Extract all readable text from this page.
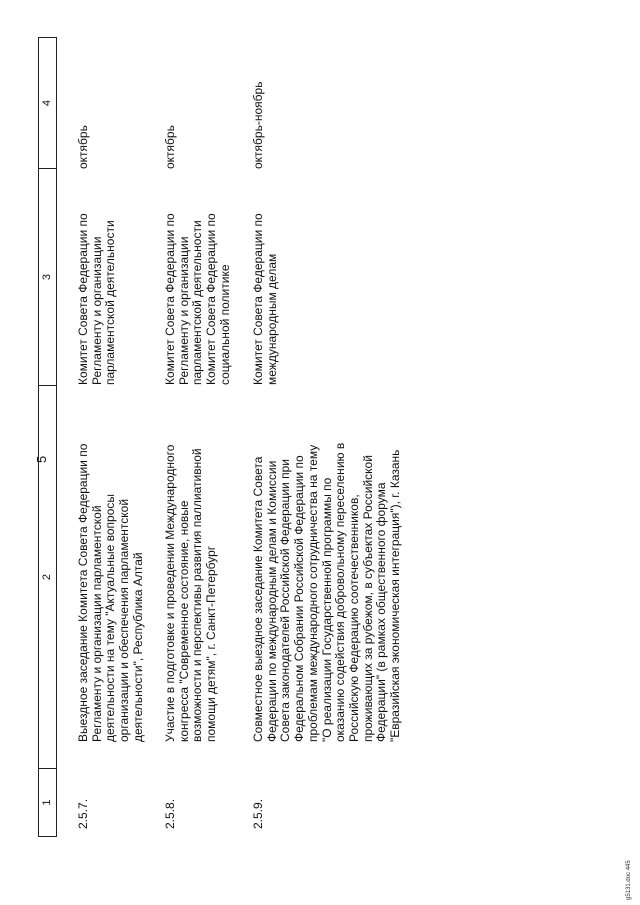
5
1
2
3
4
2.5.7.
Выездное заседание Комитета Совета Федерации по Регламенту и организации парламентской деятельности на тему "Актуальные вопросы организации и обеспечения парламентской деятельности", Республика Алтай
Комитет Совета Федерации по Регламенту и организации парламентской деятельности
октябрь
2.5.8.
Участие в подготовке и проведении Международного конгресса "Современное состояние, новые возможности и перспективы развития паллиативной помощи детям", г. Санкт-Петербург
Комитет Совета Федерации по Регламенту и организации парламентской деятельности Комитет Совета Федерации по социальной политике
октябрь
2.5.9.
Совместное выездное заседание Комитета Совета Федерации по международным делам и Комиссии Совета законодателей Российской Федерации при Федеральном Собрании Российской Федерации по проблемам международного сотрудничества на тему "О реализации Государственной программы по оказанию содействия добровольному переселению в Российскую Федерацию соотечественников, проживающих за рубежом, в субъектах Российской Федерации" (в рамках общественного форума "Евразийская экономическая интеграция"), г. Казань
Комитет Совета Федерации по международным делам
октябрь-ноябрь
g5131.doc 445
